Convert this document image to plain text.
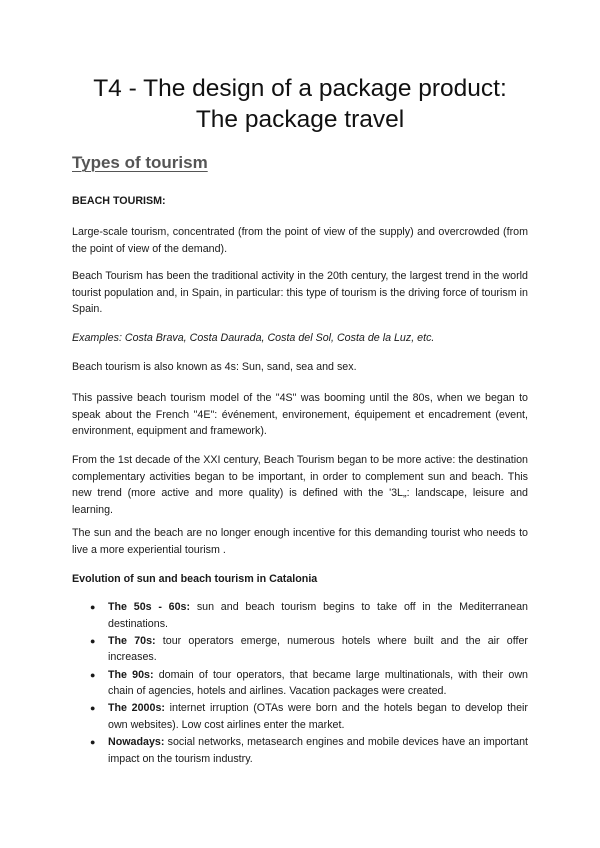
T4 - The design of a package product:
The package travel
Types of tourism

BEACH TOURISM:

Large-scale tourism, concentrated (from the point of view of the supply) and overcrowded (from the point of view of the demand).

Beach Tourism has been the traditional activity in the 20th century, the largest trend in the world tourist population and, in Spain, in particular: this type of tourism is the driving force of tourism in Spain.

Examples: Costa Brava, Costa Daurada, Costa del Sol, Costa de la Luz, etc.

Beach tourism is also known as 4s: Sun, sand, sea and sex.

This passive beach tourism model of the "4S" was booming until the 80s, when we began to speak about the French "4E": événement, environement, équipement et encadrement (event, environment, equipment and framework).

From the 1st decade of the XXI century, Beach Tourism began to be more active: the destination complementary activities began to be important, in order to complement sun and beach. This new trend (more active and more quality) is defined with the '3L„: landscape, leisure and learning.

The sun and the beach are no longer enough incentive for this demanding tourist who needs to live a more experiential tourism .

Evolution of sun and beach tourism in Catalonia

● The 50s - 60s: sun and beach tourism begins to take off in the Mediterranean destinations.
● The 70s: tour operators emerge, numerous hotels where built and the air offer increases.
● The 90s: domain of tour operators, that became large multinationals, with their own chain of agencies, hotels and airlines. Vacation packages were created.
● The 2000s: internet irruption (OTAs were born and the hotels began to develop their own websites). Low cost airlines enter the market.
● Nowadays: social networks, metasearch engines and mobile devices have an important impact on the tourism industry.
